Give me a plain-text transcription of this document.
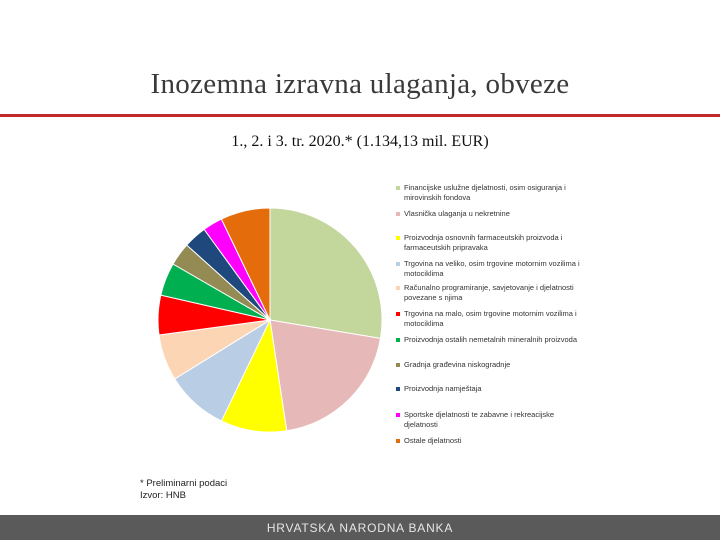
Inozemna izravna ulaganja, obveze
1., 2. i 3. tr. 2020.* (1.134,13 mil. EUR)
Financijske uslužne djelatnosti, osim osiguranja i mirovinskih fondova
Vlasnička ulaganja u nekretnine
Proizvodnja osnovnih farmaceutskih proizvoda i farmaceutskih pripravaka
Trgovina na veliko, osim trgovine motornim vozilima i motociklima
Računalno programiranje, savjetovanje i djelatnosti povezane s njima
Trgovina na malo, osim trgovine motornim vozilima i motociklima
Proizvodnja ostalih nemetalnih mineralnih proizvoda
Gradnja građevina niskogradnje
Proizvodnja namještaja
Sportske djelatnosti te zabavne i rekreacijske djelatnosti
Ostale djelatnosti
* Preliminarni podaci
Izvor: HNB
HRVATSKA NARODNA BANKA
